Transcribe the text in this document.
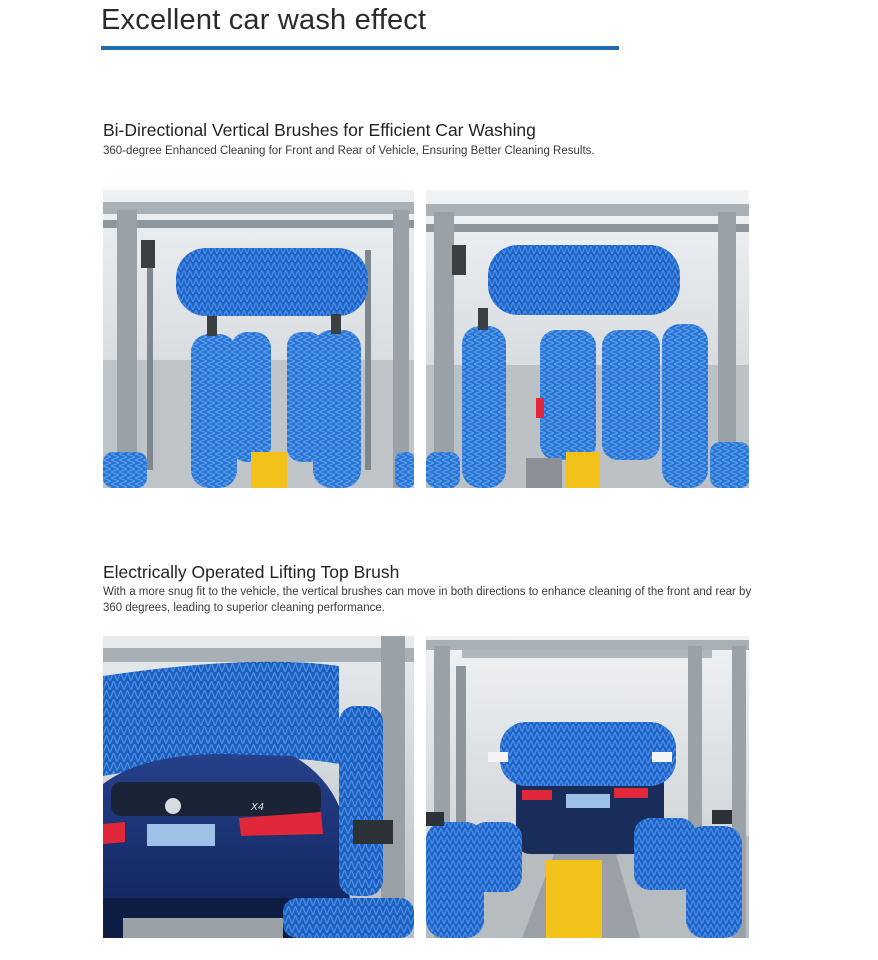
Excellent car wash effect
Bi-Directional Vertical Brushes for Efficient Car Washing

360-degree Enhanced Cleaning for Front and Rear of Vehicle, Ensuring Better Cleaning Results.

Electrically Operated Lifting Top Brush

With a more snug fit to the vehicle, the vertical brushes can move in both directions to enhance cleaning of the front and rear by 360 degrees, leading to superior cleaning performance.

X4
